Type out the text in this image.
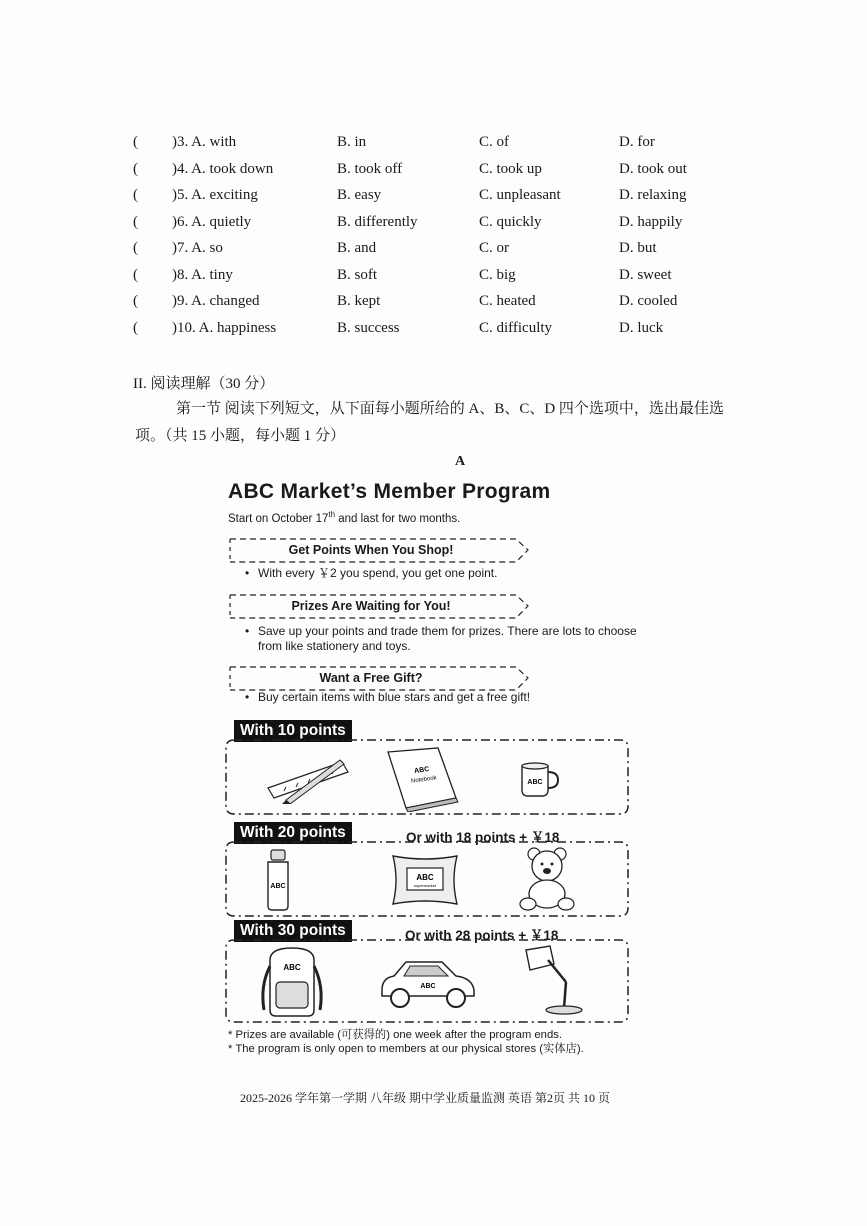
( )3. A. with	B. in	C. of	D. for
( )4. A. took down	B. took off	C. took up	D. took out
( )5. A. exciting	B. easy	C. unpleasant	D. relaxing
( )6. A. quietly	B. differently	C. quickly	D. happily
( )7. A. so	B. and	C. or	D. but
( )8. A. tiny	B. soft	C. big	D. sweet
( )9. A. changed	B. kept	C. heated	D. cooled
( )10. A. happiness	B. success	C. difficulty	D. luck
II. 阅读理解（30 分）
第一节 阅读下列短文，从下面每小题所给的 A、B、C、D 四个选项中，选出最佳选项。（共 15 小题，每小题 1 分）
A
ABC Market’s Member Program
Start on October 17th and last for two months.
Get Points When You Shop!
• With every ￥2 you spend, you get one point.
Prizes Are Waiting for You!
• Save up your points and trade them for prizes. There are lots to choose from like stationery and toys.
Want a Free Gift?
• Buy certain items with blue stars and get a free gift!
With 10 points
ABC
Notebook	ABC
With 20 points	Or with 18 points + ￥18
ABC
ABC
supermarket
With 30 points	Or with 28 points + ￥18
ABC
ABC
* Prizes are available (可获得的) one week after the program ends.
* The program is only open to members at our physical stores (实体店).
2025-2026 学年第一学期 八年级 期中学业质量监测 英语 第2页 共 10 页
